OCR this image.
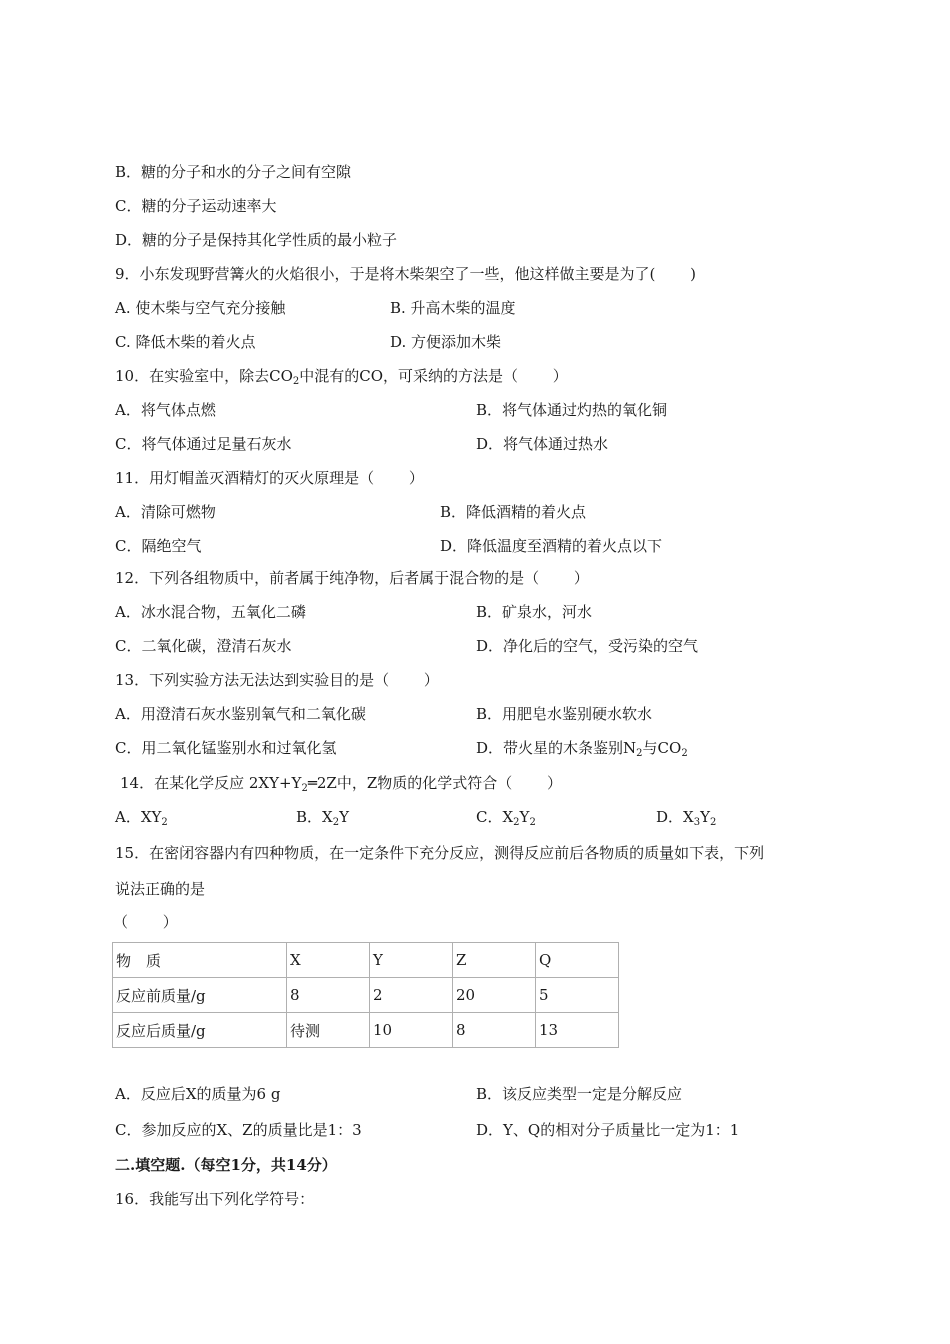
B．糖的分子和水的分子之间有空隙
C．糖的分子运动速率大
D．糖的分子是保持其化学性质的最小粒子
9．小东发现野营篝火的火焰很小，于是将木柴架空了一些，他这样做主要是为了(　　 )
A. 使木柴与空气充分接触	B. 升高木柴的温度
C. 降低木柴的着火点	D. 方便添加木柴
10．在实验室中，除去$CO_2$中混有的CO，可采纳的方法是（　　 ）
A．将气体点燃	B．将气体通过灼热的氧化铜
C．将气体通过足量石灰水	D．将气体通过热水
11．用灯帽盖灭酒精灯的灭火原理是（　　 ）
A．清除可燃物	B．降低酒精的着火点
C．隔绝空气	D．降低温度至酒精的着火点以下
12．下列各组物质中，前者属于纯净物，后者属于混合物的是（　　 ）
A．冰水混合物，五氧化二磷	B．矿泉水，河水
C．二氧化碳，澄清石灰水	D．净化后的空气，受污染的空气
13．下列实验方法无法达到实验目的是（　　 ）
A．用澄清石灰水鉴别氧气和二氧化碳	B．用肥皂水鉴别硬水软水
C．用二氧化锰鉴别水和过氧化氢	D．带火星的木条鉴别$N_2$与$CO_2$
14．在某化学反应 $2XY+Y_2═2Z$中，Z物质的化学式符合（　　 ）
A．$XY_2$	B．$X_2Y$	C．$X_2Y_2$	D．$X_3Y_2$
15．在密闭容器内有四种物质，在一定条件下充分反应，测得反应前后各物质的质量如下表，下列
说法正确的是
（　　 ）
物　质	X	Y	Z	Q
反应前质量/g	8	2	20	5
反应后质量/g	待测	10	8	13
A．反应后X的质量为6 g	B．该反应类型一定是分解反应
C．参加反应的X、Z的质量比是1：3	D．Y、Q的相对分子质量比一定为1：1
二.填空题.（每空1分，共14分）
16．我能写出下列化学符号：
